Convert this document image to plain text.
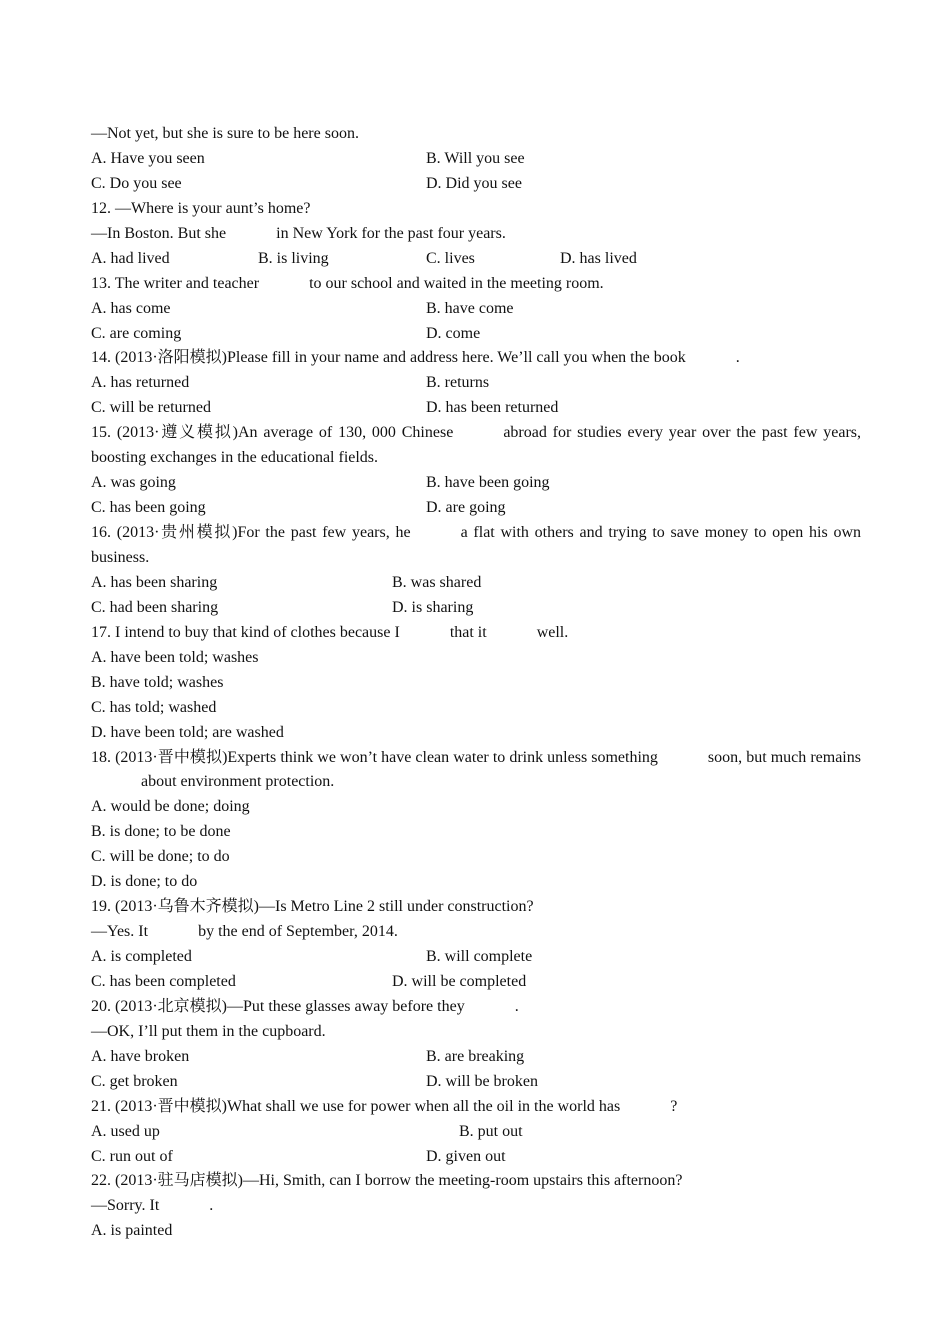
—Not yet, but she is sure to be here soon.
A. Have you seen	B. Will you see
C. Do you see	D. Did you see
12. —Where is your aunt’s home?
—In Boston. But she	in New York for the past four years.
A. had lived	B. is living	C. lives	D. has lived
13. The writer and teacher	to our school and waited in the meeting room.
A. has come	B. have come
C. are coming	D. come
14. (2013·洛阳模拟)Please fill in your name and address here. We’ll call you when the book	.
A. has returned	B. returns
C. will be returned	D. has been returned
15. (2013·遵义模拟)An average of 130, 000 Chinese	abroad for studies every year over the past few years, boosting exchanges in the educational fields.
A. was going	B. have been going
C. has been going	D. are going
16. (2013·贵州模拟)For the past few years, he	a flat with others and trying to save money to open his own business.
A. has been sharing	B. was shared
C. had been sharing	D. is sharing
17. I intend to buy that kind of clothes because I	that it	well.
A. have been told; washes
B. have told; washes
C. has told; washed
D. have been told; are washed
18. (2013·晋中模拟)Experts think we won’t have clean water to drink unless something	soon, but much remainsabout environment protection.
A. would be done; doing
B. is done; to be done
C. will be done; to do
D. is done; to do
19. (2013·乌鲁木齐模拟)—Is Metro Line 2 still under construction?
—Yes. It	by the end of September, 2014.
A. is completed	B. will complete
C. has been completed	D. will be completed
20. (2013·北京模拟)—Put these glasses away before they	.
—OK, I’ll put them in the cupboard.
A. have broken	B. are breaking
C. get broken	D. will be broken
21. (2013·晋中模拟)What shall we use for power when all the oil in the world has	?
A. used up	B. put out
C. run out of	D. given out
22. (2013·驻马店模拟)—Hi, Smith, can I borrow the meeting-room upstairs this afternoon?
—Sorry. It	.
A. is painted
